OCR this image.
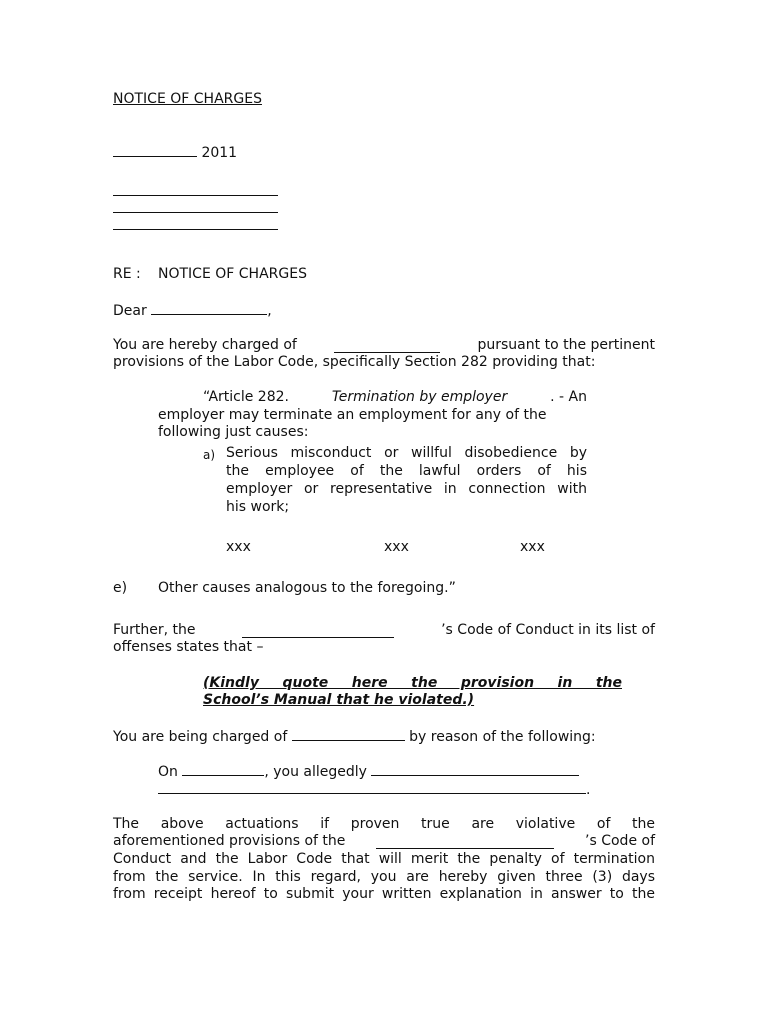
NOTICE OF CHARGES
2011
RE : NOTICE OF CHARGES
Dear	,
You are hereby charged of	pursuant to the pertinent
provisions of the Labor Code, specifically Section 282 providing that:
“Article 282.	Termination by employer	. - An
employer may terminate an employment for any of the
following just causes:
a) Serious misconduct or willful disobedience by
the employee of the lawful orders of his
employer or representative in connection with
his work;
xxx	xxx	xxx
e) Other causes analogous to the foregoing.”
Further, the	’s Code of Conduct in its list of
offenses states that –
(Kindly quote here the provision in the
School’s Manual that he violated.)
You are being charged of	by reason of the following:
On	, you allegedly
.
The above actuations if proven true are violative of the
aforementioned provisions of the	’s Code of
Conduct and the Labor Code that will merit the penalty of termination
from the service. In this regard, you are hereby given three (3) days
from receipt hereof to submit your written explanation in answer to the
